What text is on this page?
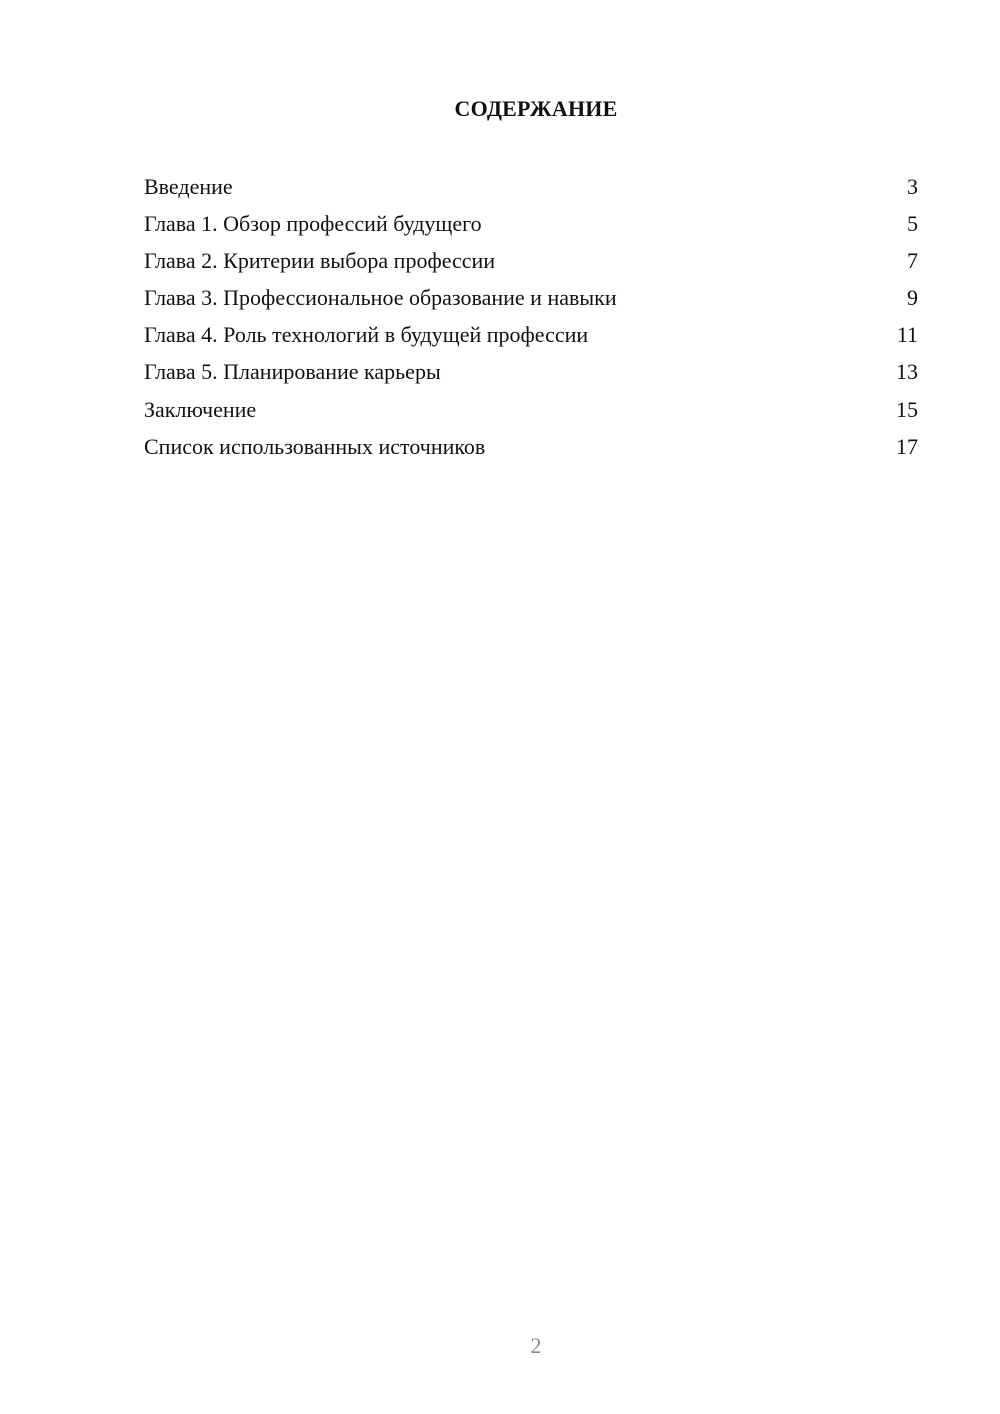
СОДЕРЖАНИЕ
Введение	3
Глава 1. Обзор профессий будущего	5
Глава 2. Критерии выбора профессии	7
Глава 3. Профессиональное образование и навыки	9
Глава 4. Роль технологий в будущей профессии	11
Глава 5. Планирование карьеры	13
Заключение	15
Список использованных источников	17
2
